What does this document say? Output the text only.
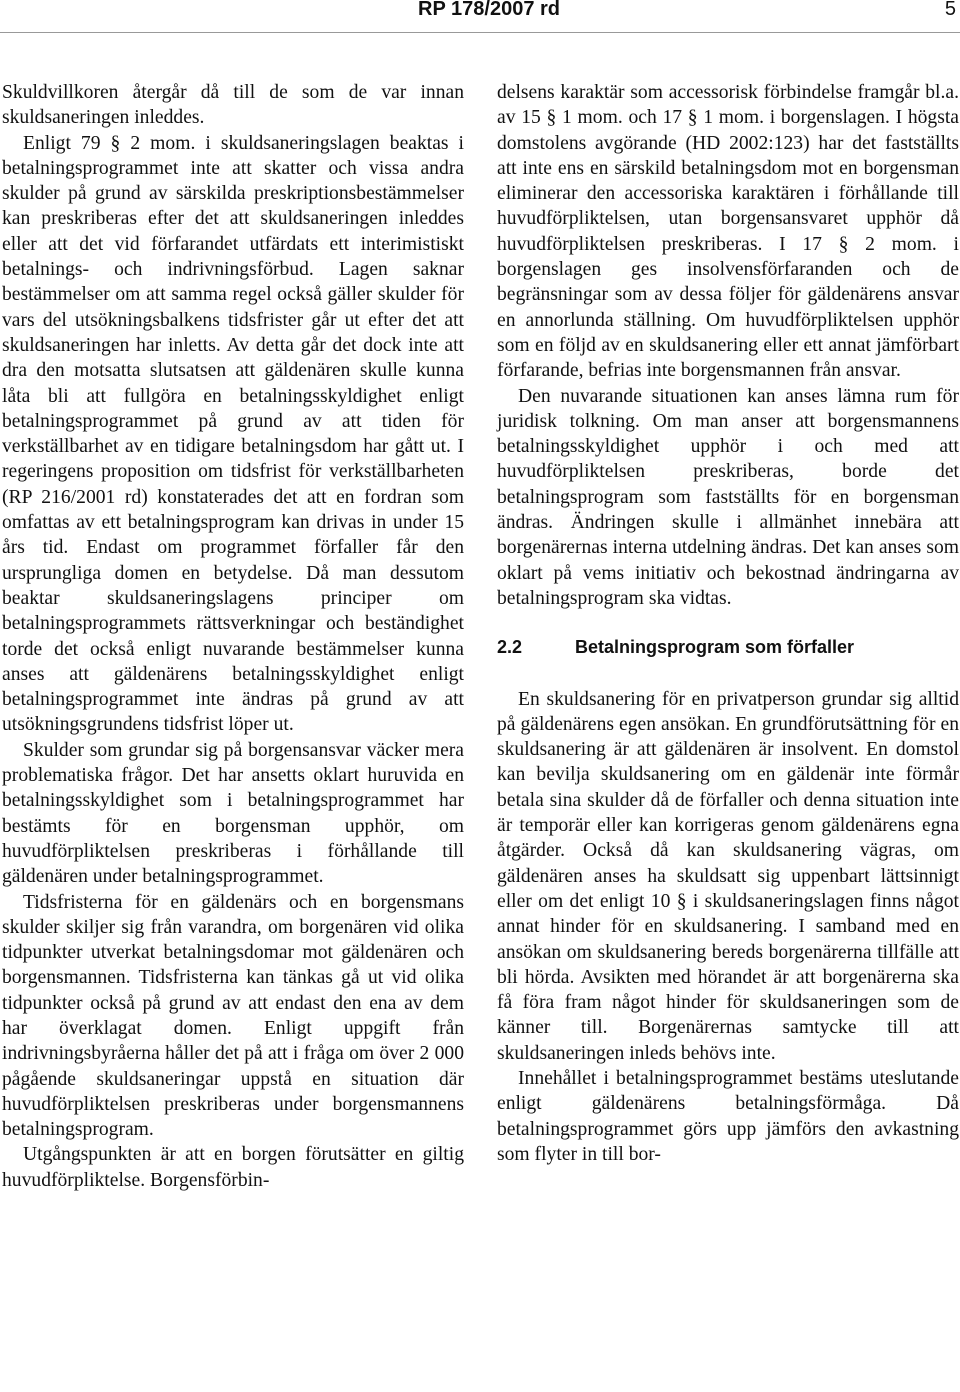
RP 178/2007 rd	5

Skuldvillkoren återgår då till de som de var innan skuldsaneringen inleddes.

Enligt 79 § 2 mom. i skuldsaneringslagen beaktas i betalningsprogrammet inte att skatter och vissa andra skulder på grund av särskilda preskriptionsbestämmelser kan preskriberas efter det att skuldsaneringen inleddes eller att det vid förfarandet utfärdats ett interimistiskt betalnings- och indrivningsförbud. Lagen saknar bestämmelser om att samma regel också gäller skulder för vars del utsökningsbalkens tidsfrister går ut efter det att skuldsaneringen har inletts. Av detta går det dock inte att dra den motsatta slutsatsen att gäldenären skulle kunna låta bli att fullgöra en betalningsskyldighet enligt betalningsprogrammet på grund av att tiden för verkställbarhet av en tidigare betalningsdom har gått ut. I regeringens proposition om tidsfrist för verkställbarheten (RP 216/2001 rd) konstaterades det att en fordran som omfattas av ett betalningsprogram kan drivas in under 15 års tid. Endast om programmet förfaller får den ursprungliga domen en betydelse. Då man dessutom beaktar skuldsaneringslagens principer om betalningsprogrammets rättsverkningar och beständighet torde det också enligt nuvarande bestämmelser kunna anses att gäldenärens betalningsskyldighet enligt betalningsprogrammet inte ändras på grund av att utsökningsgrundens tidsfrist löper ut.

Skulder som grundar sig på borgensansvar väcker mera problematiska frågor. Det har ansetts oklart huruvida en betalningsskyldighet som i betalningsprogrammet har bestämts för en borgensman upphör, om huvudförpliktelsen preskriberas i förhållande till gäldenären under betalningsprogrammet.

Tidsfristerna för en gäldenärs och en borgensmans skulder skiljer sig från varandra, om borgenären vid olika tidpunkter utverkat betalningsdomar mot gäldenären och borgensmannen. Tidsfristerna kan tänkas gå ut vid olika tidpunkter också på grund av att endast den ena av dem har överklagat domen. Enligt uppgift från indrivningsbyråerna håller det på att i fråga om över 2 000 pågående skuldsaneringar uppstå en situation där huvudförpliktelsen preskriberas under borgensmannens betalningsprogram.

Utgångspunkten är att en borgen förutsätter en giltig huvudförpliktelse. Borgensförbin-

delsens karaktär som accessorisk förbindelse framgår bl.a. av 15 § 1 mom. och 17 § 1 mom. i borgenslagen. I högsta domstolens avgörande (HD 2002:123) har det fastställts att inte ens en särskild betalningsdom mot en borgensman eliminerar den accessoriska karaktären i förhållande till huvudförpliktelsen, utan borgensansvaret upphör då huvudförpliktelsen preskriberas. I 17 § 2 mom. i borgenslagen ges insolvensförfaranden och de begränsningar som av dessa följer för gäldenärens ansvar en annorlunda ställning. Om huvudförpliktelsen upphör som en följd av en skuldsanering eller ett annat jämförbart förfarande, befrias inte borgensmannen från ansvar.

Den nuvarande situationen kan anses lämna rum för juridisk tolkning. Om man anser att borgensmannens betalningsskyldighet upphör i och med att huvudförpliktelsen preskriberas, borde det betalningsprogram som fastställts för en borgensman ändras. Ändringen skulle i allmänhet innebära att borgenärernas interna utdelning ändras. Det kan anses som oklart på vems initiativ och bekostnad ändringarna av betalningsprogram ska vidtas.

2.2	Betalningsprogram som förfaller

En skuldsanering för en privatperson grundar sig alltid på gäldenärens egen ansökan. En grundförutsättning för en skuldsanering är att gäldenären är insolvent. En domstol kan bevilja skuldsanering om en gäldenär inte förmår betala sina skulder då de förfaller och denna situation inte är temporär eller kan korrigeras genom gäldenärens egna åtgärder. Också då kan skuldsanering vägras, om gäldenären anses ha skuldsatt sig uppenbart lättsinnigt eller om det enligt 10 § i skuldsaneringslagen finns något annat hinder för en skuldsanering. I samband med en ansökan om skuldsanering bereds borgenärerna tillfälle att bli hörda. Avsikten med hörandet är att borgenärerna ska få föra fram något hinder för skuldsaneringen som de känner till. Borgenärernas samtycke till att skuldsaneringen inleds behövs inte.

Innehållet i betalningsprogrammet bestäms uteslutande enligt gäldenärens betalningsförmåga. Då betalningsprogrammet görs upp jämförs den avkastning som flyter in till bor-
